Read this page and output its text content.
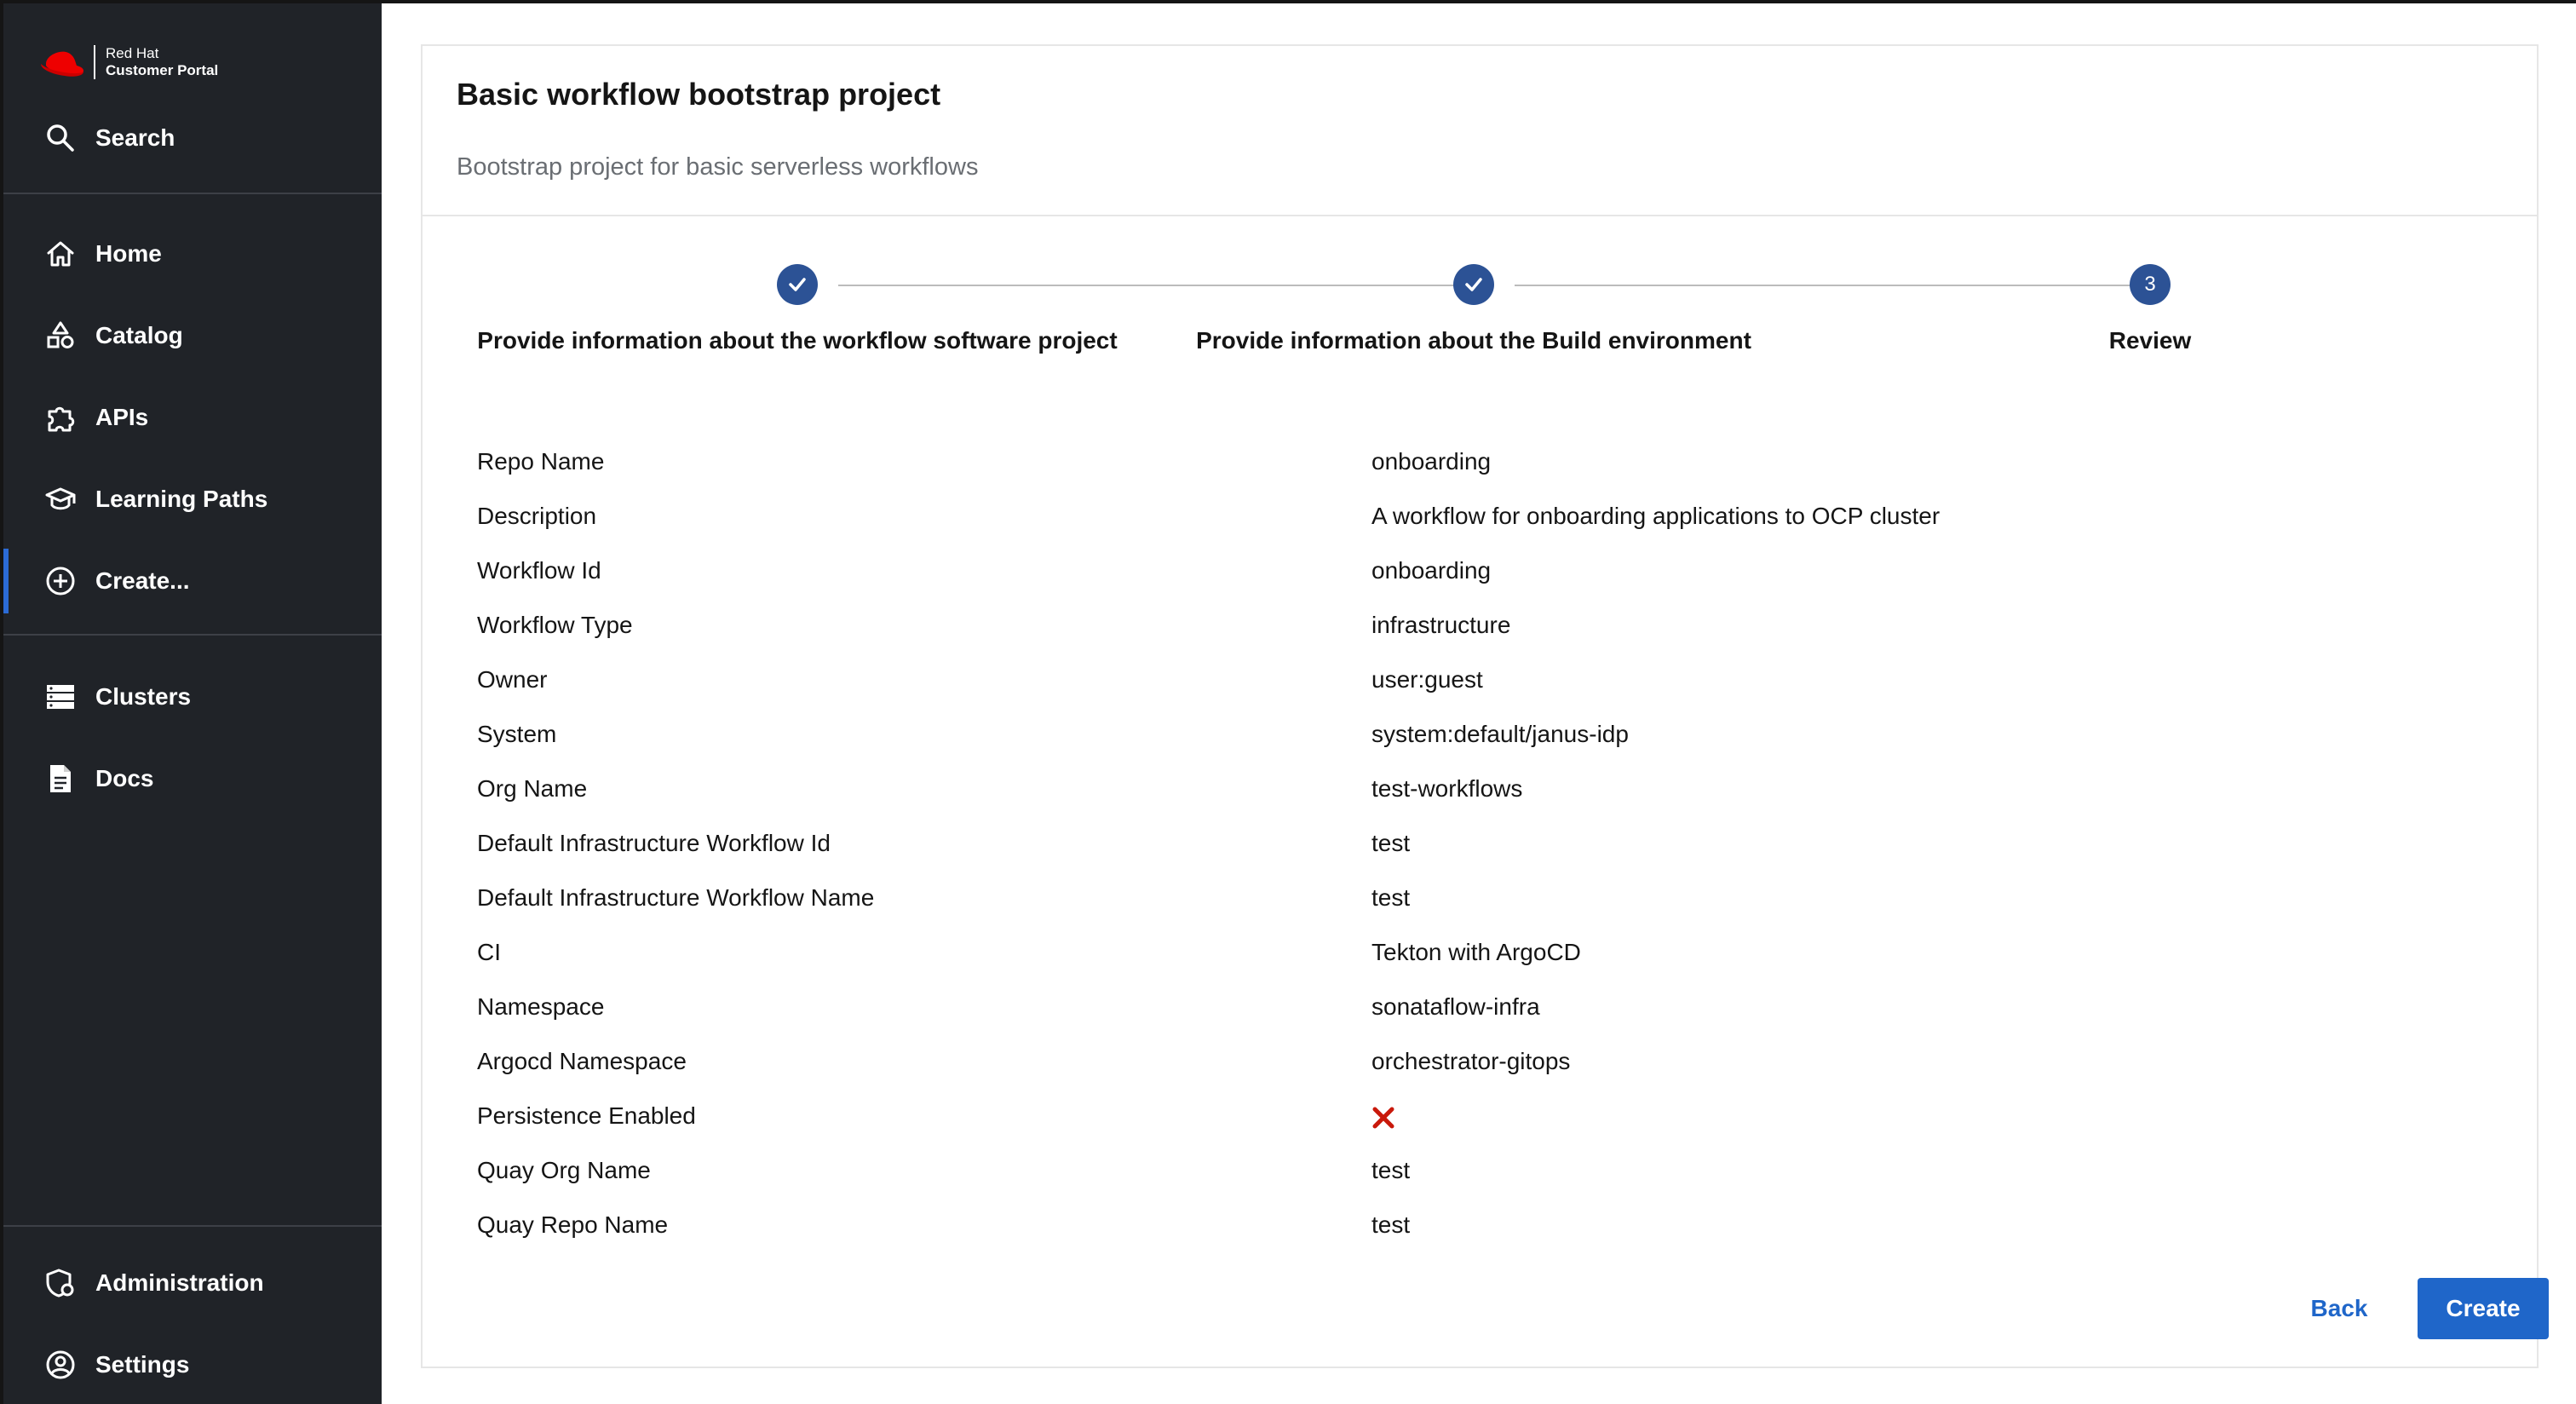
Red Hat
Customer Portal
Search
Home
Catalog
APIs
Learning Paths
Create...
Clusters
Docs
Administration
Settings
Basic workflow bootstrap project

Bootstrap project for basic serverless workflows

3
Provide information about the workflow software project	Provide information about the Build environment	Review
Repo Name	onboarding
Description	A workflow for onboarding applications to OCP cluster
Workflow Id	onboarding
Workflow Type	infrastructure
Owner	user:guest
System	system:default/janus-idp
Org Name	test-workflows
Default Infrastructure Workflow Id	test
Default Infrastructure Workflow Name	test
CI	Tekton with ArgoCD
Namespace	sonataflow-infra
Argocd Namespace	orchestrator-gitops
Persistence Enabled
Quay Org Name	test
Quay Repo Name	test
Back	Create
